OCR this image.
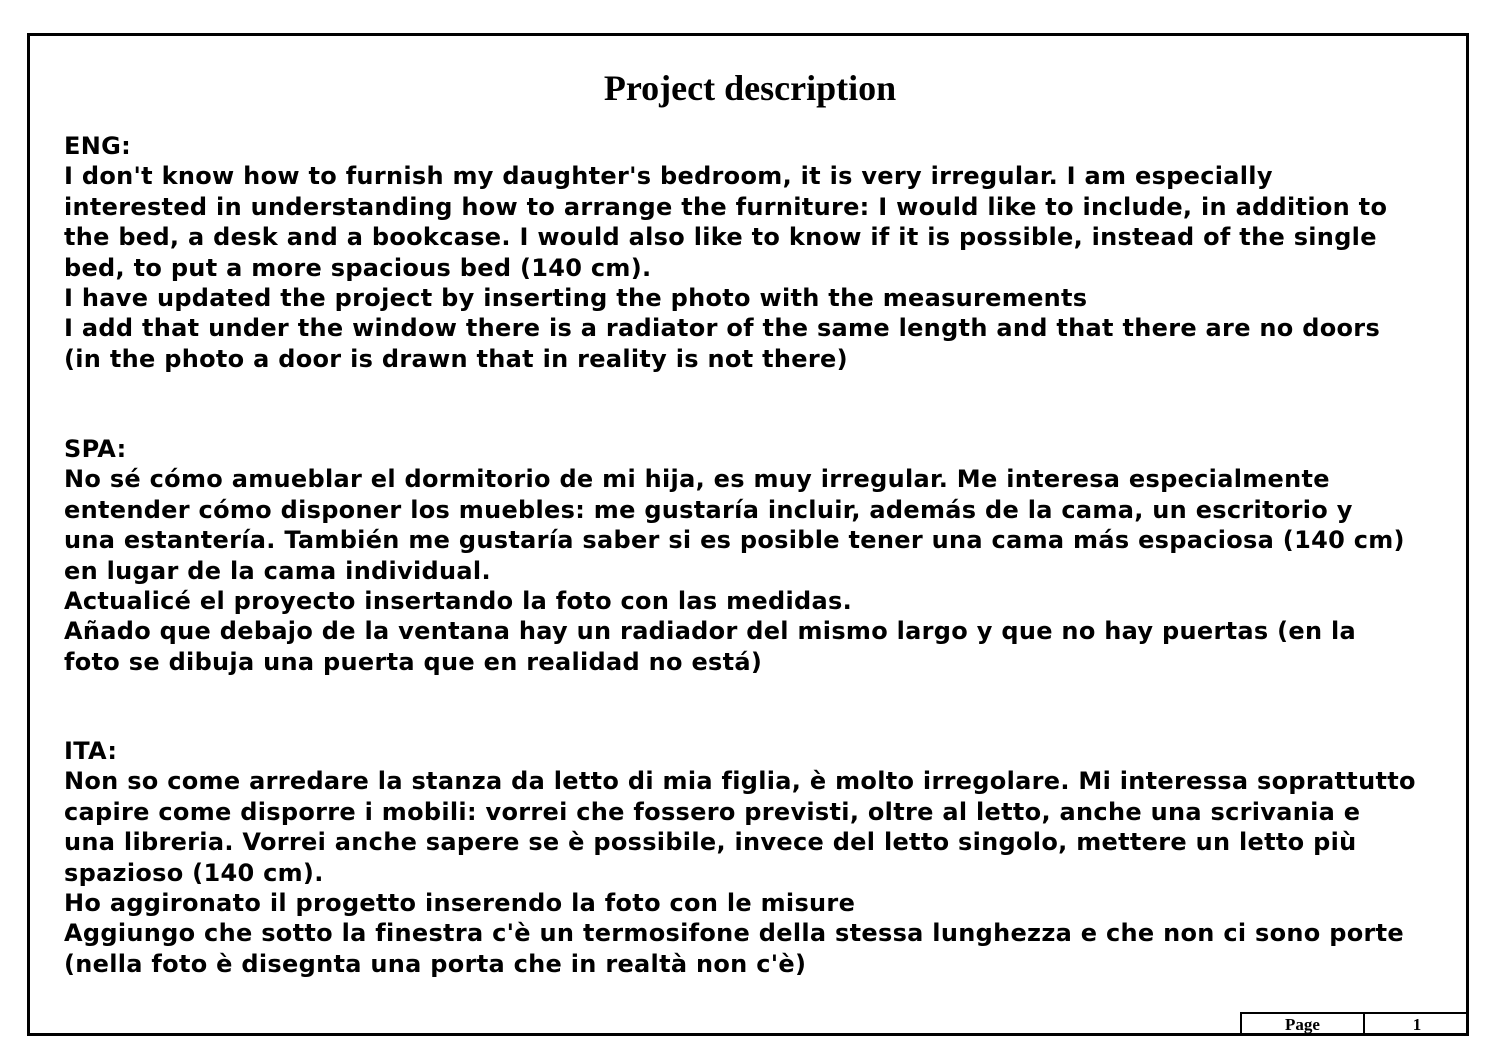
Project description
ENG:
I don't know how to furnish my daughter's bedroom, it is very irregular. I am especially
interested in understanding how to arrange the furniture: I would like to include, in addition to
the bed, a desk and a bookcase. I would also like to know if it is possible, instead of the single
bed, to put a more spacious bed (140 cm).
I have updated the project by inserting the photo with the measurements
I add that under the window there is a radiator of the same length and that there are no doors
(in the photo a door is drawn that in reality is not there)
SPA:
No sé cómo amueblar el dormitorio de mi hija, es muy irregular. Me interesa especialmente
entender cómo disponer los muebles: me gustaría incluir, además de la cama, un escritorio y
una estantería. También me gustaría saber si es posible tener una cama más espaciosa (140 cm)
en lugar de la cama individual.
Actualicé el proyecto insertando la foto con las medidas.
Añado que debajo de la ventana hay un radiador del mismo largo y que no hay puertas (en la
foto se dibuja una puerta que en realidad no está)
ITA:
Non so come arredare la stanza da letto di mia figlia, è molto irregolare. Mi interessa soprattutto
capire come disporre i mobili: vorrei che fossero previsti, oltre al letto, anche una scrivania e
una libreria. Vorrei anche sapere se è possibile, invece del letto singolo, mettere un letto più
spazioso (140 cm).
Ho aggironato il progetto inserendo la foto con le misure
Aggiungo che sotto la finestra c'è un termosifone della stessa lunghezza e che non ci sono porte
(nella foto è disegnta una porta che in realtà non c'è)
Page	1
